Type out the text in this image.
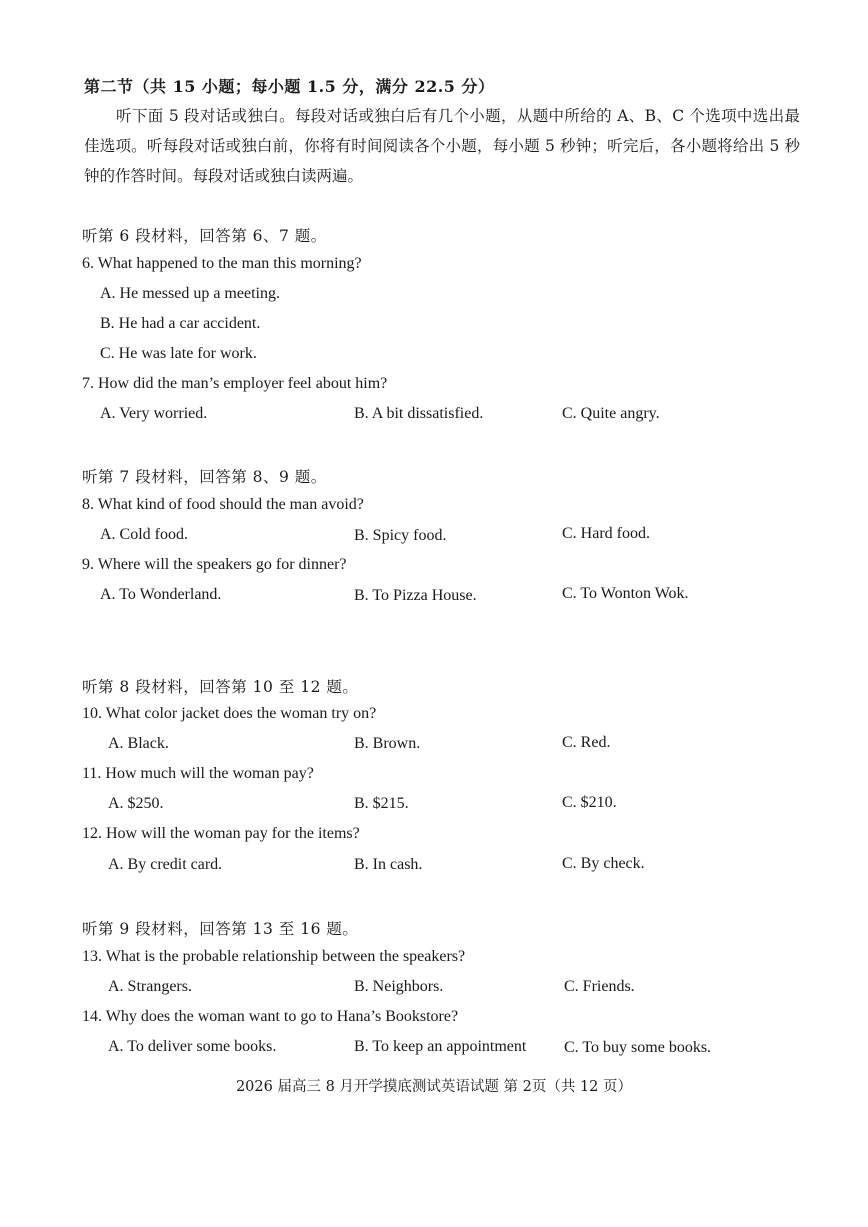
第二节（共 15 小题；每小题 1.5 分，满分 22.5 分）
听下面 5 段对话或独白。每段对话或独白后有几个小题，从题中所给的 A、B、C 个选项中选出最佳选项。听每段对话或独白前，你将有时间阅读各个小题，每小题 5 秒钟；听完后，各小题将给出 5 秒钟的作答时间。每段对话或独白读两遍。
听第 6 段材料，回答第 6、7 题。
6. What happened to the man this morning?
A. He messed up a meeting.
B. He had a car accident.
C. He was late for work.
7. How did the man’s employer feel about him?
A. Very worried.	B. A bit dissatisfied.	C. Quite angry.
听第 7 段材料，回答第 8、9 题。
8. What kind of food should the man avoid?
A. Cold food.	B. Spicy food.	C. Hard food.
9. Where will the speakers go for dinner?
A. To Wonderland.	B. To Pizza House.	C. To Wonton Wok.
听第 8 段材料，回答第 10 至 12 题。
10. What color jacket does the woman try on?
A. Black.	B. Brown.	C. Red.
11. How much will the woman pay?
A. $250.	B. $215.	C. $210.
12. How will the woman pay for the items?
A. By credit card.	B. In cash.	C. By check.
听第 9 段材料，回答第 13 至 16 题。
13. What is the probable relationship between the speakers?
A. Strangers.	B. Neighbors.	C. Friends.
14. Why does the woman want to go to Hana’s Bookstore?
A. To deliver some books.	B. To keep an appointment C. To buy some books.
2026 届高三 8 月开学摸底测试英语试题 第 2页（共 12 页）
